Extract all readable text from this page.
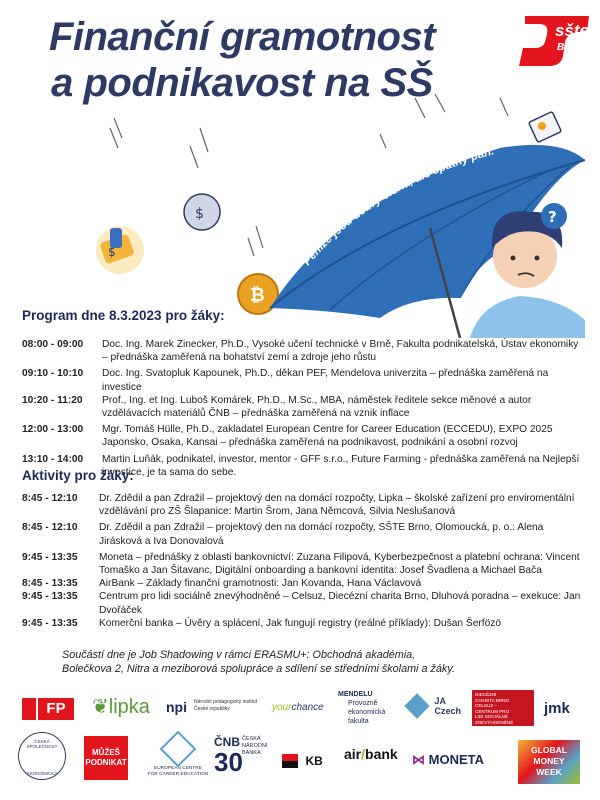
Finanční gramotnost
a podnikavost na SŠ
sšte
BRNO
$
$
₿
Peníze jsou dobrý sluha, ale špatný pán.
?
Program dne 8.3.2023 pro žáky:
08:00 - 09:00	Doc. Ing. Marek Zinecker, Ph.D., Vysoké učení technické v Brně, Fakulta podnikatelská, Ústav ekonomiky – přednáška zaměřená na bohatství zemí a zdroje jeho růstu
09:10 - 10:10	Doc. Ing. Svatopluk Kapounek, Ph.D., děkan PEF, Mendelova univerzita – přednáška zaměřená na investice
10:20 - 11:20	Prof., Ing. et Ing. Luboš Komárek, Ph.D., M.Sc., MBA, náměstek ředitele sekce měnové a autor vzdělávacích materiálů ČNB – přednáška zaměřená na vznik inflace
12:00 - 13:00	Mgr. Tomáš Hülle, Ph.D., zakladatel European Centre for Career Education (ECCEDU), EXPO 2025 Japonsko, Osaka, Kansai – přednáška zaměřená na podnikavost, podnikání a osobní rozvoj
13:10 - 14:00	Martin Luňák, podnikatel, investor, mentor - GFF s.r.o., Future Farming - přednáška zaměřená na Nejlepší investice, je ta sama do sebe.
Aktivity pro žáky:
8:45 - 12:10	Dr. Zdědil a pan Zdražil – projektový den na domácí rozpočty, Lipka – školské zařízení pro enviromentální vzdělávání pro ZŠ Šlapanice: Martin Šrom, Jana Němcová, Silvia Neslušanová
8:45 - 12:10	Dr. Zdědil a pan Zdražil – projektový den na domácí rozpočty, SŠTE Brno, Olomoucká, p. o.: Alena Jirásková a Iva Donovalová
9:45 - 13:35	Moneta – přednášky z oblasti bankovnictví: Zuzana Filipová, Kyberbezpečnost a platební ochrana: Vincent Tomaško a Jan Šitavanc, Digitální onboarding a bankovní identita: Josef Švadlena a Michael Bača
8:45 - 13:35	AirBank – Základy finanční gramotnosti: Jan Kovanda, Hana Václavová
9:45 - 13:35	Centrum pro lidi sociálně znevýhodněné – Celsuz, Diecézní charita Brno, Dluhová poradna – exekuce: Jan Dvořáček
9:45 - 13:35	Komerční banka – Úvěry a splácení, Jak fungují registry (reálné příklady): Dušan Šerfözö
Součástí dne je Job Shadowing v rámci ERASMU+: Obchodná akadémia,
Bolečkova 2, Nitra a meziborová spolupráce a sdílení se středními školami a žáky.
FP	❦lipka npi Národní pedagogický institut
České republiky	yourchance
MENDELU
Provozně
ekonomická
fakulta
JA
Czech
DIECÉZNÍ
CHARITA BRNO
CELSUZ –
CENTRUM PRO
LIDI SOCIÁLNĚ
ZNEVÝHODNĚNÉ
jmk
ČESKÁ SPOLEČNOST
EKONOMICKÁ
MŮŽEŠ
PODNIKAT
EUROPEAN CENTRE
FOR CAREER EDUCATION
ČNB
30
ČESKÁ
NÁRODNÍ
BANKA
KB air/bank ⋈ MONETA
GLOBAL
MONEY
WEEK
